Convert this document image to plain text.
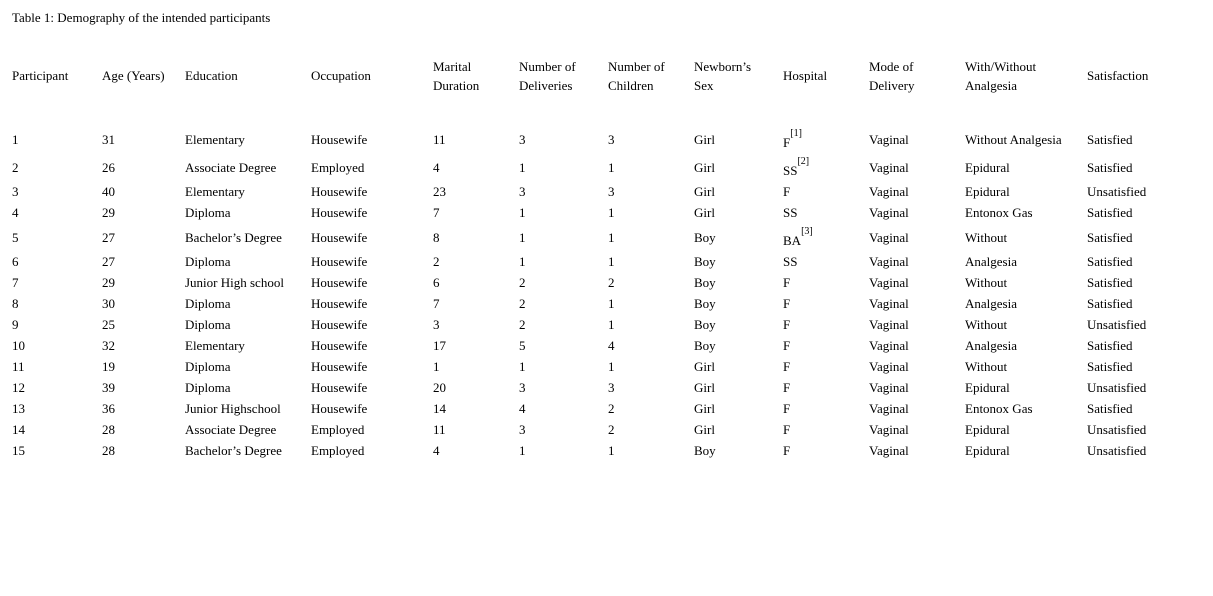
Table 1: Demography of the intended participants
Participant	Age (Years)	Education	Occupation	Marital Duration	Number of Deliveries	Number of Children	Newborn’s Sex	Hospital	Mode of Delivery	With/Without Analgesia	Satisfaction

1	31	Elementary	Housewife	11	3	3	Girl	F[1]	Vaginal	Without Analgesia	Satisfied
2	26	Associate Degree	Employed	4	1	1	Girl	SS[2]	Vaginal	Epidural	Satisfied
3	40	Elementary	Housewife	23	3	3	Girl	F	Vaginal	Epidural	Unsatisfied
4	29	Diploma	Housewife	7	1	1	Girl	SS	Vaginal	Entonox Gas	Satisfied
5	27	Bachelor’s Degree	Housewife	8	1	1	Boy	BA[3]	Vaginal	Without	Satisfied
6	27	Diploma	Housewife	2	1	1	Boy	SS	Vaginal	Analgesia	Satisfied
7	29	Junior High school	Housewife	6	2	2	Boy	F	Vaginal	Without	Satisfied
8	30	Diploma	Housewife	7	2	1	Boy	F	Vaginal	Analgesia	Satisfied
9	25	Diploma	Housewife	3	2	1	Boy	F	Vaginal	Without	Unsatisfied
10	32	Elementary	Housewife	17	5	4	Boy	F	Vaginal	Analgesia	Satisfied
11	19	Diploma	Housewife	1	1	1	Girl	F	Vaginal	Without	Satisfied
12	39	Diploma	Housewife	20	3	3	Girl	F	Vaginal	Epidural	Unsatisfied
13	36	Junior Highschool	Housewife	14	4	2	Girl	F	Vaginal	Entonox Gas	Satisfied
14	28	Associate Degree	Employed	11	3	2	Girl	F	Vaginal	Epidural	Unsatisfied
15	28	Bachelor’s Degree	Employed	4	1	1	Boy	F	Vaginal	Epidural	Unsatisfied
